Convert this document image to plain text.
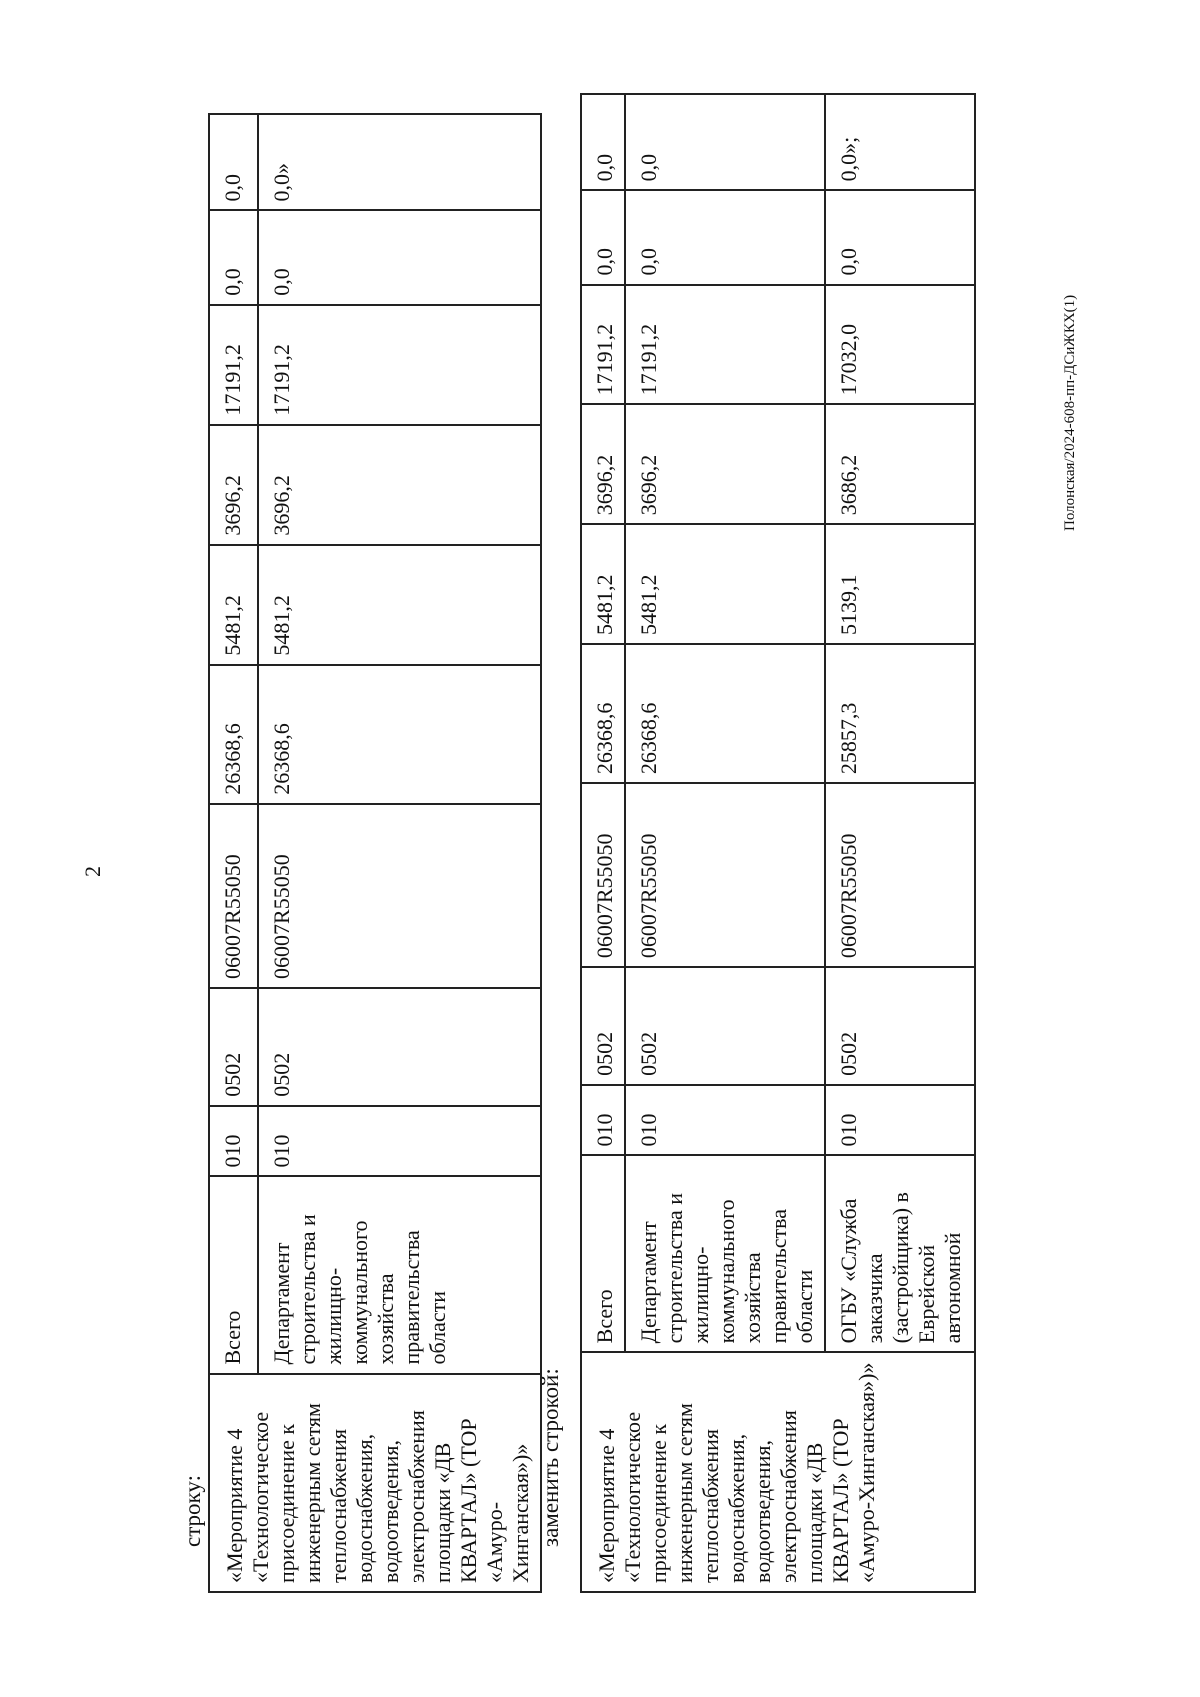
2
строку: «Мероприятие 4 «Технологическое присоединение к инженерным сетям теплоснабжения водоснабжения, водоотведения, электроснабжения площадки «ДВ КВАРТАЛ» (ТОР «Амуро-Хинганская»)»	Всего	010	0502	06007R55050	26368,6	5481,2	3696,2	17191,2	0,0	0,0
	Департамент строительства и жилищно-коммунального хозяйства правительства области	010	0502	06007R55050	26368,6	5481,2	3696,2	17191,2	0,0	0,0»
заменить строкой: «Мероприятие 4 «Технологическое присоединение к инженерным сетям теплоснабжения водоснабжения, водоотведения, электроснабжения площадки «ДВ КВАРТАЛ» (ТОР «Амуро-Хинганская»)»	Всего	010	0502	06007R55050	26368,6	5481,2	3696,2	17191,2	0,0	0,0
	Департамент строительства и жилищно-коммунального хозяйства правительства области	010	0502	06007R55050	26368,6	5481,2	3696,2	17191,2	0,0	0,0
	ОГБУ «Служба заказчика (застройщика) в Еврейской автономной	010	0502	06007R55050	25857,3	5139,1	3686,2	17032,0	0,0	0,0»;
Полонская/2024-608-пп-ДСиЖКХ(1)
